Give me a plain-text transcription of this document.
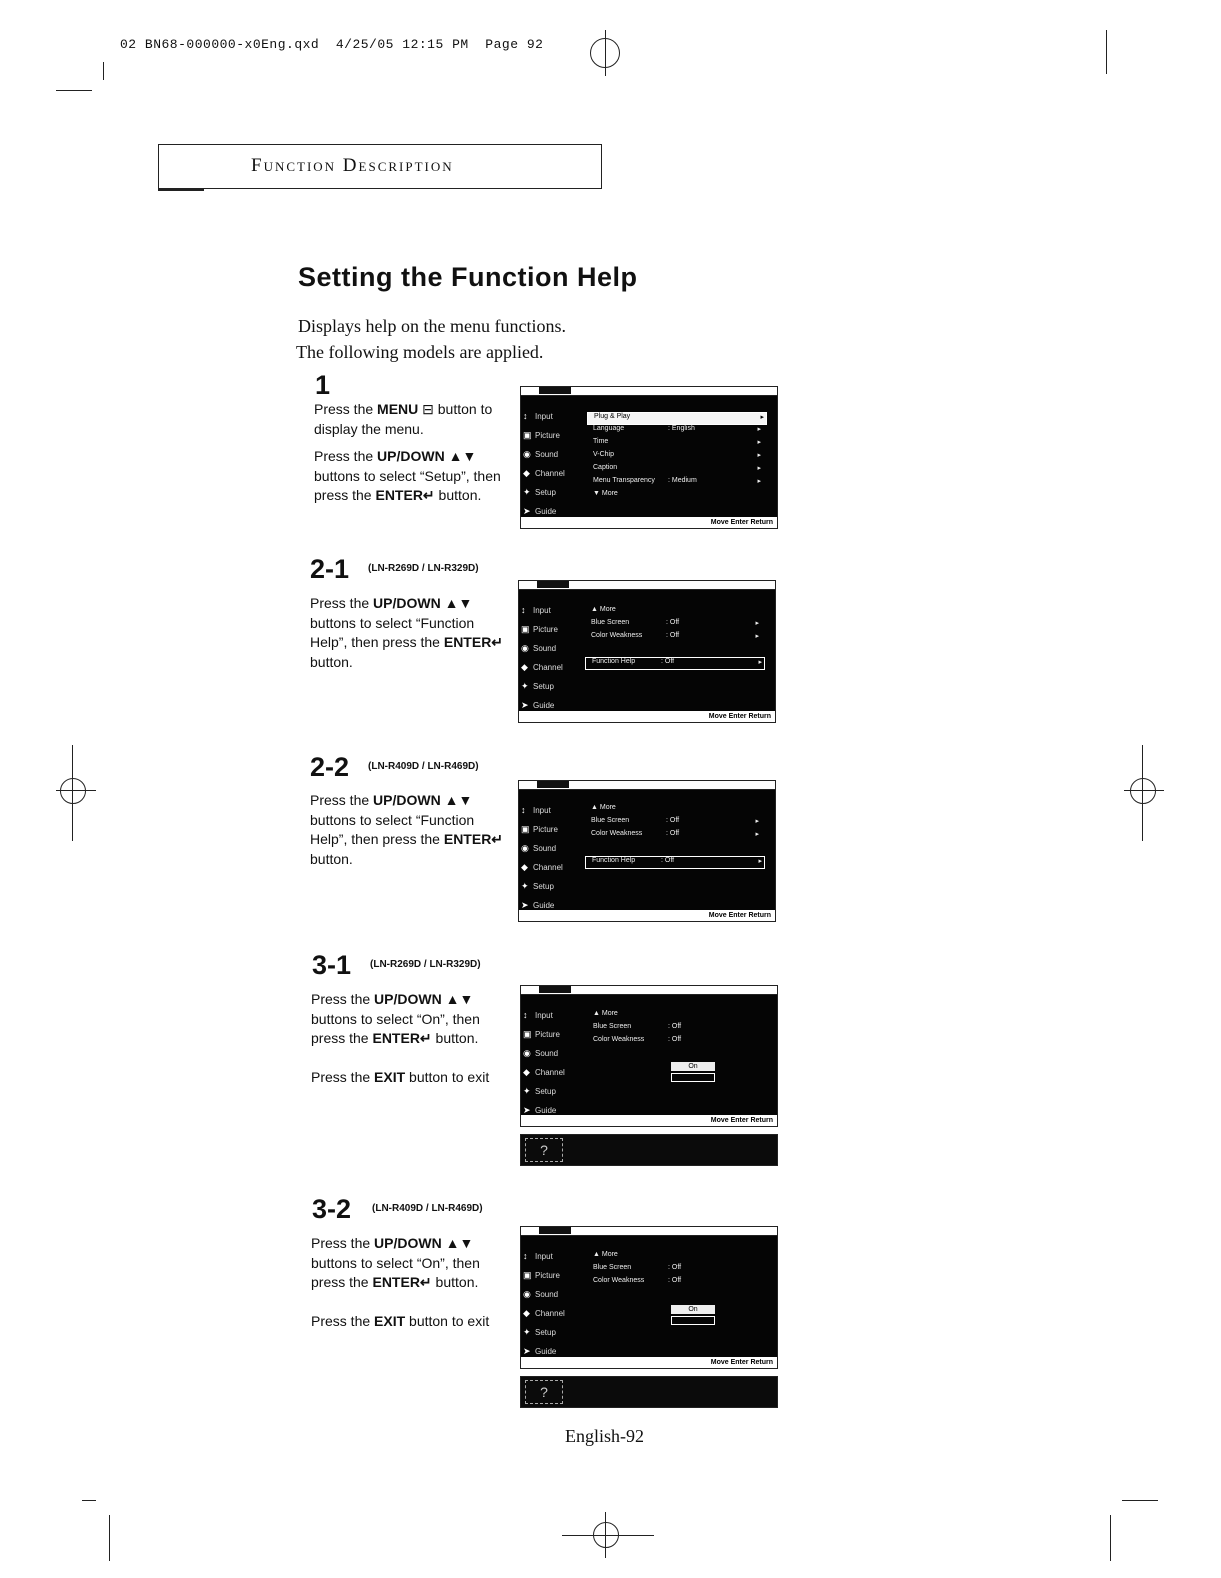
02 BN68-000000-x0Eng.qxd 4/25/05 12:15 PM Page 92
Function Description
Setting the Function Help
Displays help on the menu functions.
The following models are applied.
1
Press the MENU ⊟ button to display the menu.
Press the UP/DOWN ▲▼ buttons to select “Setup”, then press the ENTER↵ button.
↕ Input
▣ Picture
◉ Sound
◆ Channel
✦ Setup
➤ Guide
Plug & Play	▸
Language	: English	▸
Time	▸
V-Chip	▸
Caption	▸
Menu Transparency : Medium	▸
▼ More
Move Enter Return
2-1 (LN-R269D / LN-R329D)
Press the UP/DOWN ▲▼ buttons to select “Function Help”, then press the ENTER↵ button.
↕ Input
▣ Picture
◉ Sound
◆ Channel
✦ Setup
➤ Guide
▲ More
Blue Screen	: Off	▸
Color Weakness	: Off	▸
Function Help	: Off	▸
Move Enter Return
2-2 (LN-R409D / LN-R469D)
Press the UP/DOWN ▲▼ buttons to select “Function Help”, then press the ENTER↵ button.
↕ Input
▣ Picture
◉ Sound
◆ Channel
✦ Setup
➤ Guide
▲ More
Blue Screen	: Off	▸
Color Weakness	: Off	▸
Function Help	: Off	▸
Move Enter Return
3-1 (LN-R269D / LN-R329D)
Press the UP/DOWN ▲▼ buttons to select “On”, then press the ENTER↵ button.
Press the EXIT button to exit
↕ Input
▣ Picture
◉ Sound
◆ Channel
✦ Setup
➤ Guide
▲ More
Blue Screen	: Off
Color Weakness	: Off
On
Move Enter Return
?
3-2 (LN-R409D / LN-R469D)
Press the UP/DOWN ▲▼ buttons to select “On”, then press the ENTER↵ button.
Press the EXIT button to exit
↕ Input
▣ Picture
◉ Sound
◆ Channel
✦ Setup
➤ Guide
▲ More
Blue Screen	: Off
Color Weakness	: Off
On
Move Enter Return
?
English-92
